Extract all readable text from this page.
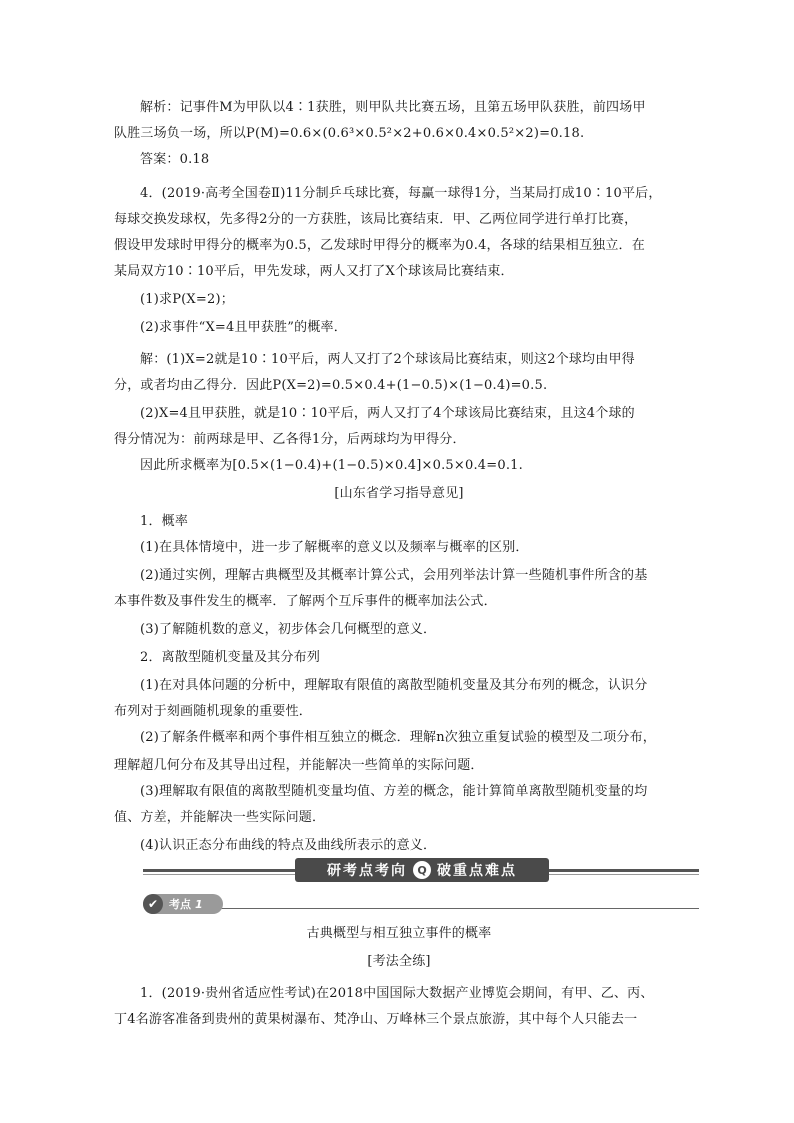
解析：记事件M为甲队以4∶1获胜，则甲队共比赛五场，且第五场甲队获胜，前四场甲
队胜三场负一场，所以P(M)=0.6×(0.6³×0.5²×2+0.6×0.4×0.5²×2)=0.18.
答案：0.18
4．(2019·高考全国卷Ⅱ)11分制乒乓球比赛，每赢一球得1分，当某局打成10∶10平后，
每球交换发球权，先多得2分的一方获胜，该局比赛结束．甲、乙两位同学进行单打比赛，
假设甲发球时甲得分的概率为0.5，乙发球时甲得分的概率为0.4，各球的结果相互独立．在
某局双方10∶10平后，甲先发球，两人又打了X个球该局比赛结束．
(1)求P(X=2)；
(2)求事件“X=4且甲获胜”的概率．
解：(1)X=2就是10∶10平后，两人又打了2个球该局比赛结束，则这2个球均由甲得
分，或者均由乙得分．因此P(X=2)=0.5×0.4+(1−0.5)×(1−0.4)=0.5.
(2)X=4且甲获胜，就是10∶10平后，两人又打了4个球该局比赛结束，且这4个球的
得分情况为：前两球是甲、乙各得1分，后两球均为甲得分．
因此所求概率为[0.5×(1−0.4)+(1−0.5)×0.4]×0.5×0.4=0.1.
[山东省学习指导意见]
1．概率
(1)在具体情境中，进一步了解概率的意义以及频率与概率的区别．
(2)通过实例，理解古典概型及其概率计算公式，会用列举法计算一些随机事件所含的基
本事件数及事件发生的概率．了解两个互斥事件的概率加法公式．
(3)了解随机数的意义，初步体会几何概型的意义．
2．离散型随机变量及其分布列
(1)在对具体问题的分析中，理解取有限值的离散型随机变量及其分布列的概念，认识分
布列对于刻画随机现象的重要性．
(2)了解条件概率和两个事件相互独立的概念．理解n次独立重复试验的模型及二项分布，
理解超几何分布及其导出过程，并能解决一些简单的实际问题．
(3)理解取有限值的离散型随机变量均值、方差的概念，能计算简单离散型随机变量的均
值、方差，并能解决一些实际问题．
(4)认识正态分布曲线的特点及曲线所表示的意义．
研考点考向 Q 破重点难点
✔ 考点 1
古典概型与相互独立事件的概率
[考法全练]
1．(2019·贵州省适应性考试)在2018中国国际大数据产业博览会期间，有甲、乙、丙、
丁4名游客准备到贵州的黄果树瀑布、梵净山、万峰林三个景点旅游，其中每个人只能去一
